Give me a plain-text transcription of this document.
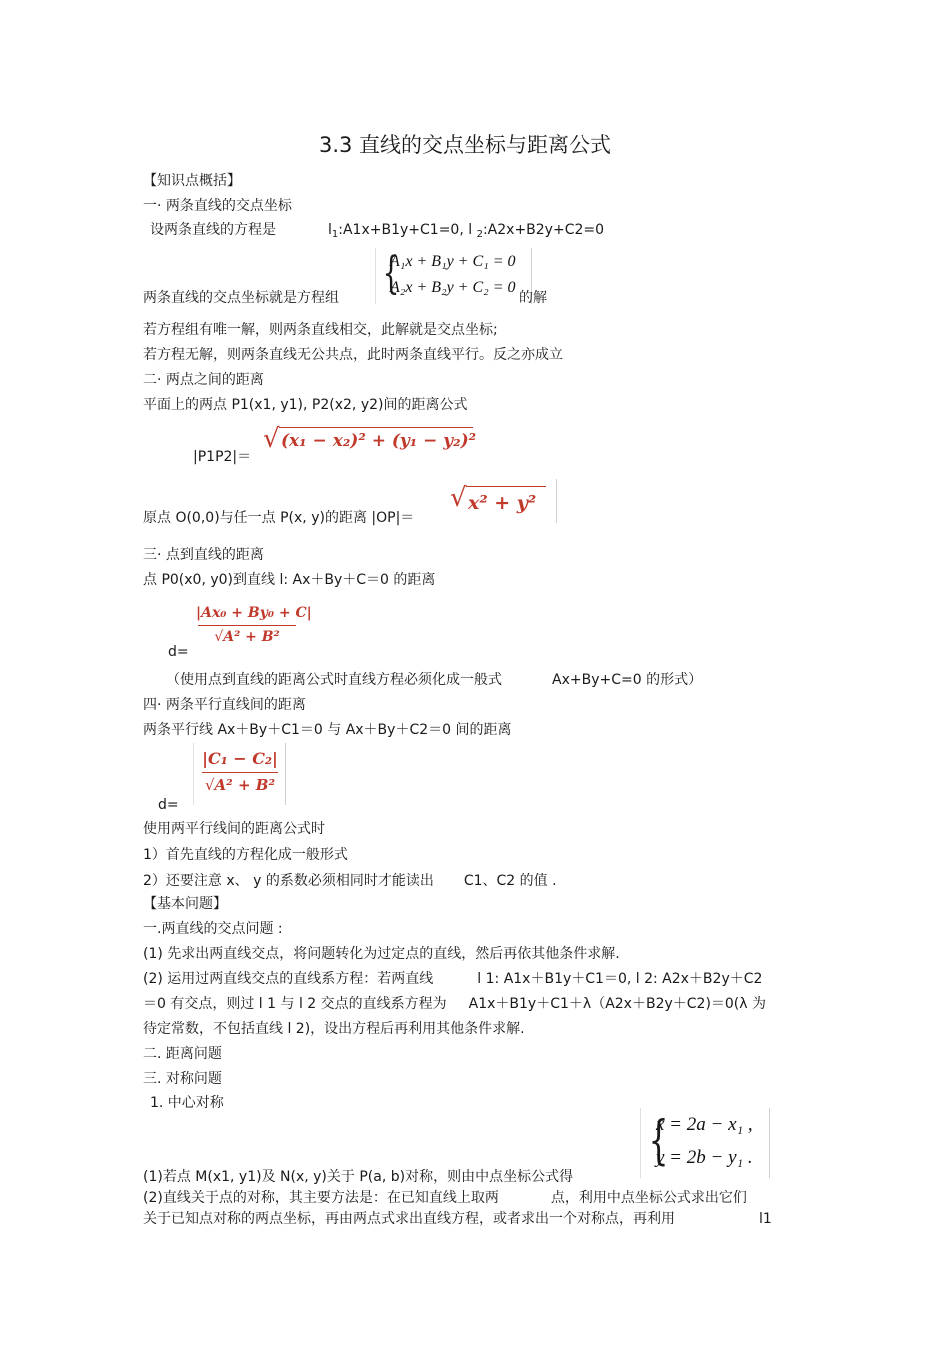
3.3 直线的交点坐标与距离公式
【知识点概括】
一· 两条直线的交点坐标
设两条直线的方程是	$l_1:A1x+B1y+C1=0$, l $_2$:A2x+B2y+C2=0
{
A₁x + B₁y + C₁ = 0
A₂x + B₂y + C₂ = 0
两条直线的交点坐标就是方程组	的解
若方程组有唯一解，则两条直线相交，此解就是交点坐标;
若方程无解，则两条直线无公共点，此时两条直线平行。反之亦成立
二· 两点之间的距离
平面上的两点 P1(x1, y1), P2(x2, y2)间的距离公式
|P1P2|＝
√ (x₁ − x₂)² + (y₁ − y₂)²
原点 O(0,0)与任一点 P(x, y)的距离 |OP|＝
√ x² + y²
三· 点到直线的距离
点 P0(x0, y0)到直线 l: Ax＋By＋C＝0 的距离
|Ax₀ + By₀ + C|
√A² + B²
d=
（使用点到直线的距离公式时直线方程必须化成一般式	Ax+By+C=0 的形式）
四· 两条平行直线间的距离
两条平行线 Ax＋By＋C1＝0 与 Ax＋By＋C2＝0 间的距离
|C₁ − C₂|
√A² + B²
d=
使用两平行线间的距离公式时
1）首先直线的方程化成一般形式
2）还要注意 x、 y 的系数必须相同时才能读出 C1、C2 的值 .
【基本问题】
一.两直线的交点问题 :
(1) 先求出两直线交点，将问题转化为过定点的直线，然后再依其他条件求解.
(2) 运用过两直线交点的直线系方程：若两直线	l 1: A1x＋B1y＋C1＝0, l 2: A2x＋B2y＋C2
＝0 有交点，则过 l 1 与 l 2 交点的直线系方程为 A1x＋B1y＋C1＋λ（A2x＋B2y＋C2)＝0(λ 为
待定常数，不包括直线 l 2)，设出方程后再利用其他条件求解.
二. 距离问题
三. 对称问题
1. 中心对称
{
x = 2a − x₁ ,
y = 2b − y₁ .
(1)若点 M(x1, y1)及 N(x, y)关于 P(a, b)对称，则由中点坐标公式得
(2)直线关于点的对称，其主要方法是：在已知直线上取两	点，利用中点坐标公式求出它们
关于已知点对称的两点坐标，再由两点式求出直线方程，或者求出一个对称点，再利用	l1
